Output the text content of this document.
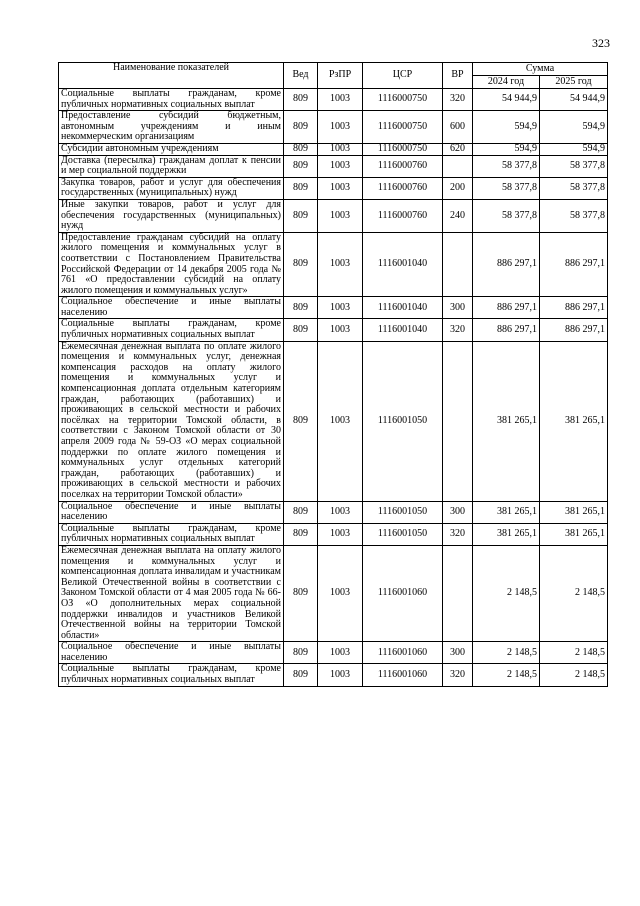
323
Наименование показателей	Вед	РзПР	ЦСР	ВР	Сумма	
					2024 год	2025 год
Социальные выплаты гражданам, кроме публичных нормативных социальных выплат	809	1003	1116000750	320	54 944,9	54 944,9
Предоставление субсидий бюджетным, автономным учреждениям и иным некоммерческим организациям	809	1003	1116000750	600	594,9	594,9
Субсидии автономным учреждениям	809	1003	1116000750	620	594,9	594,9
Доставка (пересылка) гражданам доплат к пенсии и мер социальной поддержки	809	1003	1116000760		58 377,8	58 377,8
Закупка товаров, работ и услуг для обеспечения государственных (муниципальных) нужд	809	1003	1116000760	200	58 377,8	58 377,8
Иные закупки товаров, работ и услуг для обеспечения государственных (муниципальных) нужд	809	1003	1116000760	240	58 377,8	58 377,8
Предоставление гражданам субсидий на оплату жилого помещения и коммунальных услуг в соответствии с Постановлением Правительства Российской Федерации от 14 декабря 2005 года № 761 «О предоставлении субсидий на оплату жилого помещения и коммунальных услуг»	809	1003	1116001040		886 297,1	886 297,1
Социальное обеспечение и иные выплаты населению	809	1003	1116001040	300	886 297,1	886 297,1
Социальные выплаты гражданам, кроме публичных нормативных социальных выплат	809	1003	1116001040	320	886 297,1	886 297,1
Ежемесячная денежная выплата по оплате жилого помещения и коммунальных услуг, денежная компенсация расходов на оплату жилого помещения и коммунальных услуг и компенсационная доплата отдельным категориям граждан, работающих (работавших) и проживающих в сельской местности и рабочих посёлках на территории Томской области, в соответствии с Законом Томской области от 30 апреля 2009 года № 59-ОЗ «О мерах социальной поддержки по оплате жилого помещения и коммунальных услуг отдельных категорий граждан, работающих (работавших) и проживающих в сельской местности и рабочих поселках на территории Томской области»	809	1003	1116001050		381 265,1	381 265,1
Социальное обеспечение и иные выплаты населению	809	1003	1116001050	300	381 265,1	381 265,1
Социальные выплаты гражданам, кроме публичных нормативных социальных выплат	809	1003	1116001050	320	381 265,1	381 265,1
Ежемесячная денежная выплата на оплату жилого помещения и коммунальных услуг и компенсационная доплата инвалидам и участникам Великой Отечественной войны в соответствии с Законом Томской области от 4 мая 2005 года № 66-ОЗ «О дополнительных мерах социальной поддержки инвалидов и участников Великой Отечественной войны на территории Томской области»	809	1003	1116001060		2 148,5	2 148,5
Социальное обеспечение и иные выплаты населению	809	1003	1116001060	300	2 148,5	2 148,5
Социальные выплаты гражданам, кроме публичных нормативных социальных выплат	809	1003	1116001060	320	2 148,5	2 148,5
